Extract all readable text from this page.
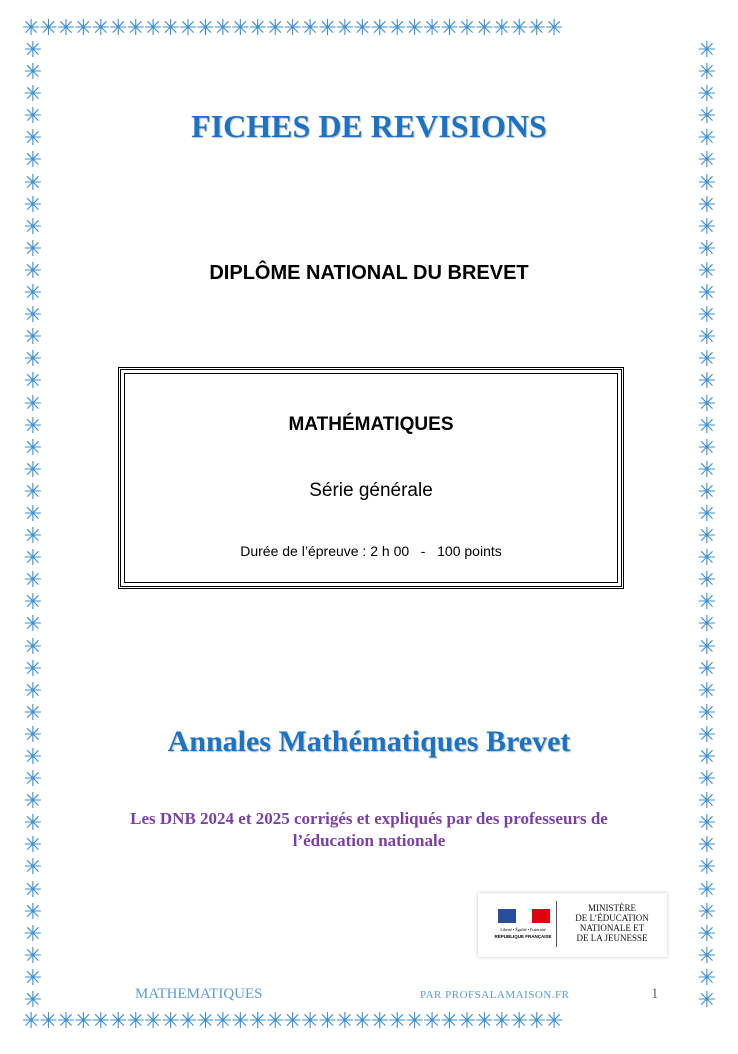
✳✳✳✳✳✳✳✳✳✳✳✳✳✳✳✳✳✳✳✳✳✳✳✳✳✳✳✳✳✳✳
✳✳✳✳✳✳✳✳✳✳✳✳✳✳✳✳✳✳✳✳✳✳✳✳✳✳✳✳✳✳✳
✳
✳
✳
✳
✳
✳
✳
✳
✳
✳
✳
✳
✳
✳
✳
✳
✳
✳
✳
✳
✳
✳
✳
✳
✳
✳
✳
✳
✳
✳
✳
✳
✳
✳
✳
✳
✳
✳
✳
✳
✳
✳
✳
✳
✳
✳
✳
✳
✳
✳
✳
✳
✳
✳
✳
✳
✳
✳
✳
✳
✳
✳
✳
✳
✳
✳
✳
✳
✳
✳
✳
✳
✳
✳
✳
✳
✳
✳
✳
✳
✳
✳
✳
✳
✳
✳
✳
✳
FICHES DE REVISIONS
DIPLÔME NATIONAL DU BREVET
MATHÉMATIQUES
Série générale
Durée de l’épreuve : 2 h 00   -   100 points
Annales Mathématiques Brevet
Les DNB 2024 et 2025 corrigés et expliqués par des professeurs de
l’éducation nationale
Liberté • Égalité • Fraternité
RÉPUBLIQUE FRANÇAISE
MINISTÈRE
DE L’ÉDUCATION
NATIONALE ET
DE LA JEUNESSE
MATHEMATIQUES	PAR PROFSALAMAISON.FR	1
